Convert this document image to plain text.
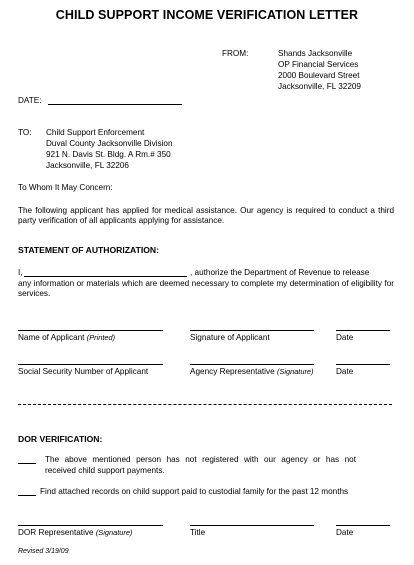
CHILD SUPPORT INCOME VERIFICATION LETTER
FROM:	Shands Jacksonville
OP Financial Services
2000 Boulevard Street
Jacksonville, FL 32209
DATE:
TO: Child Support Enforcement
Duval County Jacksonville Division
921 N. Davis St. Bldg. A Rm.# 350
Jacksonville, FL 32206
To Whom It May Concern:
The following applicant has applied for medical assistance. Our agency is required to conduct a third party verification of all applicants applying for assistance.
STATEMENT OF AUTHORIZATION:
I,	, authorize the Department of Revenue to release
any information or materials which are deemed necessary to complete my determination of eligibility for services.
Name of Applicant (Printed)	Signature of Applicant	Date
Social Security Number of Applicant	Agency Representative (Signature)	Date
DOR VERIFICATION:
The above mentioned person has not registered with our agency or has not
received child support payments.
Find attached records on child support paid to custodial family for the past 12 months
DOR Representative (Signature)	Title	Date
Revised 3/19/09
